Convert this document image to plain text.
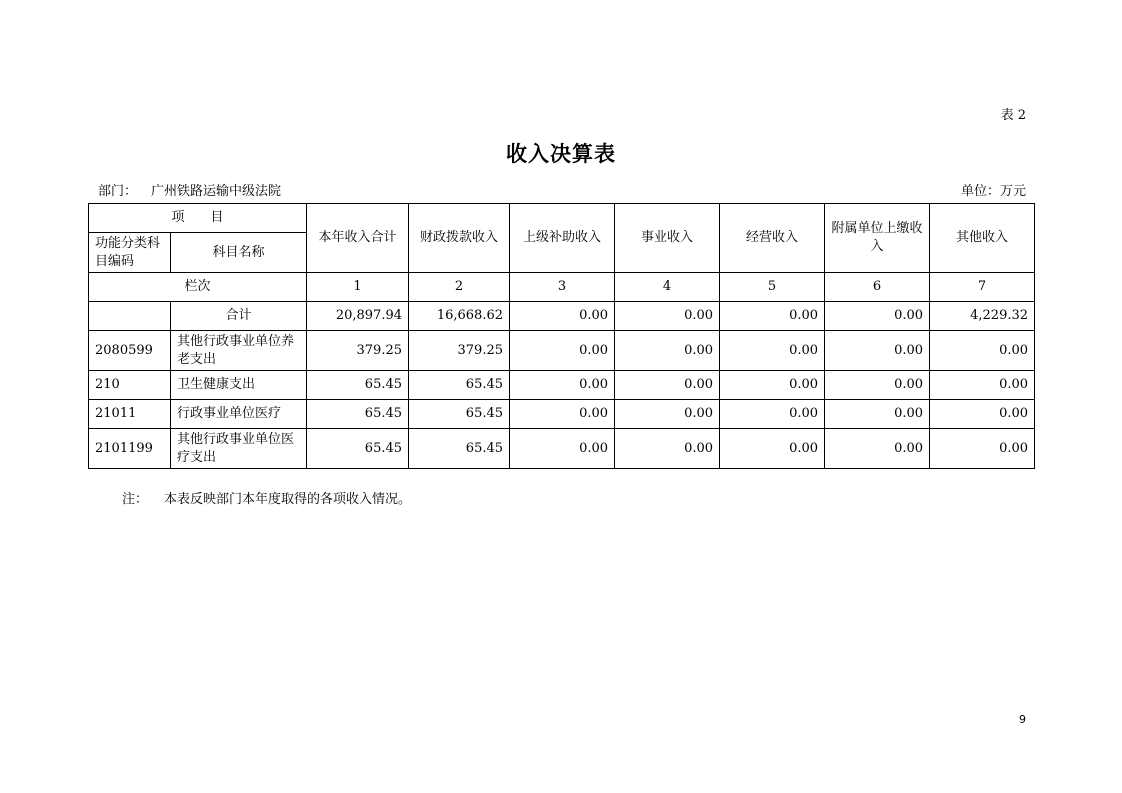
表 2
收入决算表
部门： 广州铁路运输中级法院	单位：万元
项　　目		本年收入合计	财政拨款收入	上级补助收入	事业收入	经营收入	附属单位上缴收入	其他收入
功能分类科目编码	科目名称							
栏次		1	2	3	4	5	6	7
	合计	20,897.94	16,668.62	0.00	0.00	0.00	0.00	4,229.32
2080599	其他行政事业单位养老支出	379.25	379.25	0.00	0.00	0.00	0.00	0.00
210	卫生健康支出	65.45	65.45	0.00	0.00	0.00	0.00	0.00
21011	行政事业单位医疗	65.45	65.45	0.00	0.00	0.00	0.00	0.00
2101199	其他行政事业单位医疗支出	65.45	65.45	0.00	0.00	0.00	0.00	0.00
注： 本表反映部门本年度取得的各项收入情况。
9
